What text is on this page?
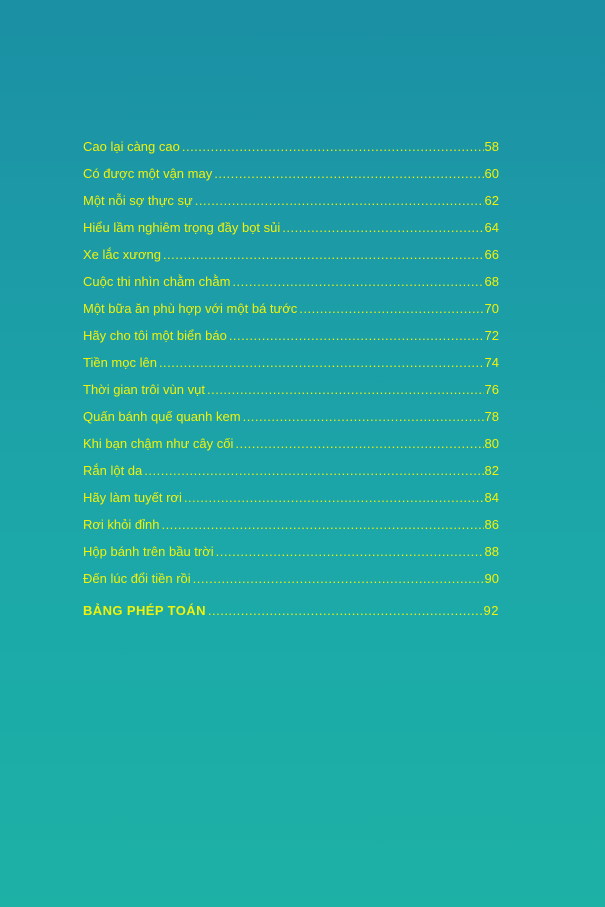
Cao lại càng cao .....	58
Có được một vận may .....	60
Một nỗi sợ thực sự .....	62
Hiểu lầm nghiêm trọng đầy bọt sủi .....	64
Xe lắc xương .....	66
Cuộc thi nhìn chằm chằm .....	68
Một bữa ăn phù hợp với một bá tước .....	70
Hãy cho tôi một biển báo .....	72
Tiền mọc lên .....	74
Thời gian trôi vùn vụt .....	76
Quấn bánh quế quanh kem .....	78
Khi bạn chậm như cây cối .....	80
Rắn lột da .....	82
Hãy làm tuyết rơi .....	84
Rơi khỏi đỉnh .....	86
Hộp bánh trên bầu trời .....	88
Đến lúc đổi tiền rồi .....	90
BẢNG PHÉP TOÁN .....	92
